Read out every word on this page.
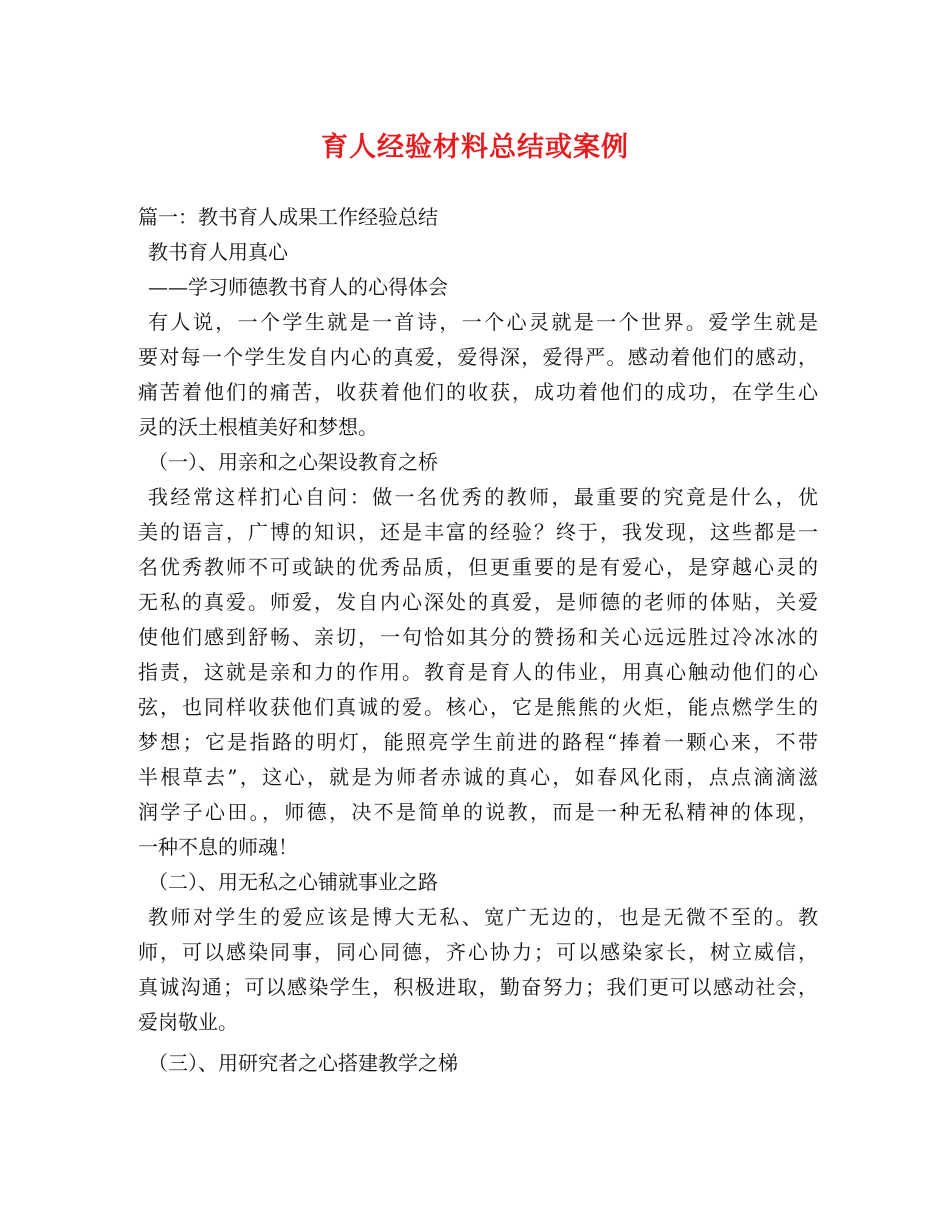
育人经验材料总结或案例
篇一：教书育人成果工作经验总结
教书育人用真心
——学习师德教书育人的心得体会
有人说，一个学生就是一首诗，一个心灵就是一个世界。爱学生就是
要对每一个学生发自内心的真爱，爱得深，爱得严。感动着他们的感动，
痛苦着他们的痛苦，收获着他们的收获，成功着他们的成功，在学生心
灵的沃土根植美好和梦想。
（一）、用亲和之心架设教育之桥
我经常这样扪心自问：做一名优秀的教师，最重要的究竟是什么，优
美的语言，广博的知识，还是丰富的经验？终于，我发现，这些都是一
名优秀教师不可或缺的优秀品质，但更重要的是有爱心，是穿越心灵的
无私的真爱。师爱，发自内心深处的真爱，是师德的老师的体贴，关爱
使他们感到舒畅、亲切，一句恰如其分的赞扬和关心远远胜过冷冰冰的
指责，这就是亲和力的作用。教育是育人的伟业，用真心触动他们的心
弦，也同样收获他们真诚的爱。核心，它是熊熊的火炬，能点燃学生的
梦想；它是指路的明灯，能照亮学生前进的路程“捧着一颗心来，不带
半根草去”，这心，就是为师者赤诚的真心，如春风化雨，点点滴滴滋
润学子心田。，师德，决不是简单的说教，而是一种无私精神的体现，
一种不息的师魂！
（二）、用无私之心铺就事业之路
教师对学生的爱应该是博大无私、宽广无边的，也是无微不至的。教
师，可以感染同事，同心同德，齐心协力；可以感染家长，树立威信，
真诚沟通；可以感染学生，积极进取，勤奋努力；我们更可以感动社会，
爱岗敬业。
（三）、用研究者之心搭建教学之梯
